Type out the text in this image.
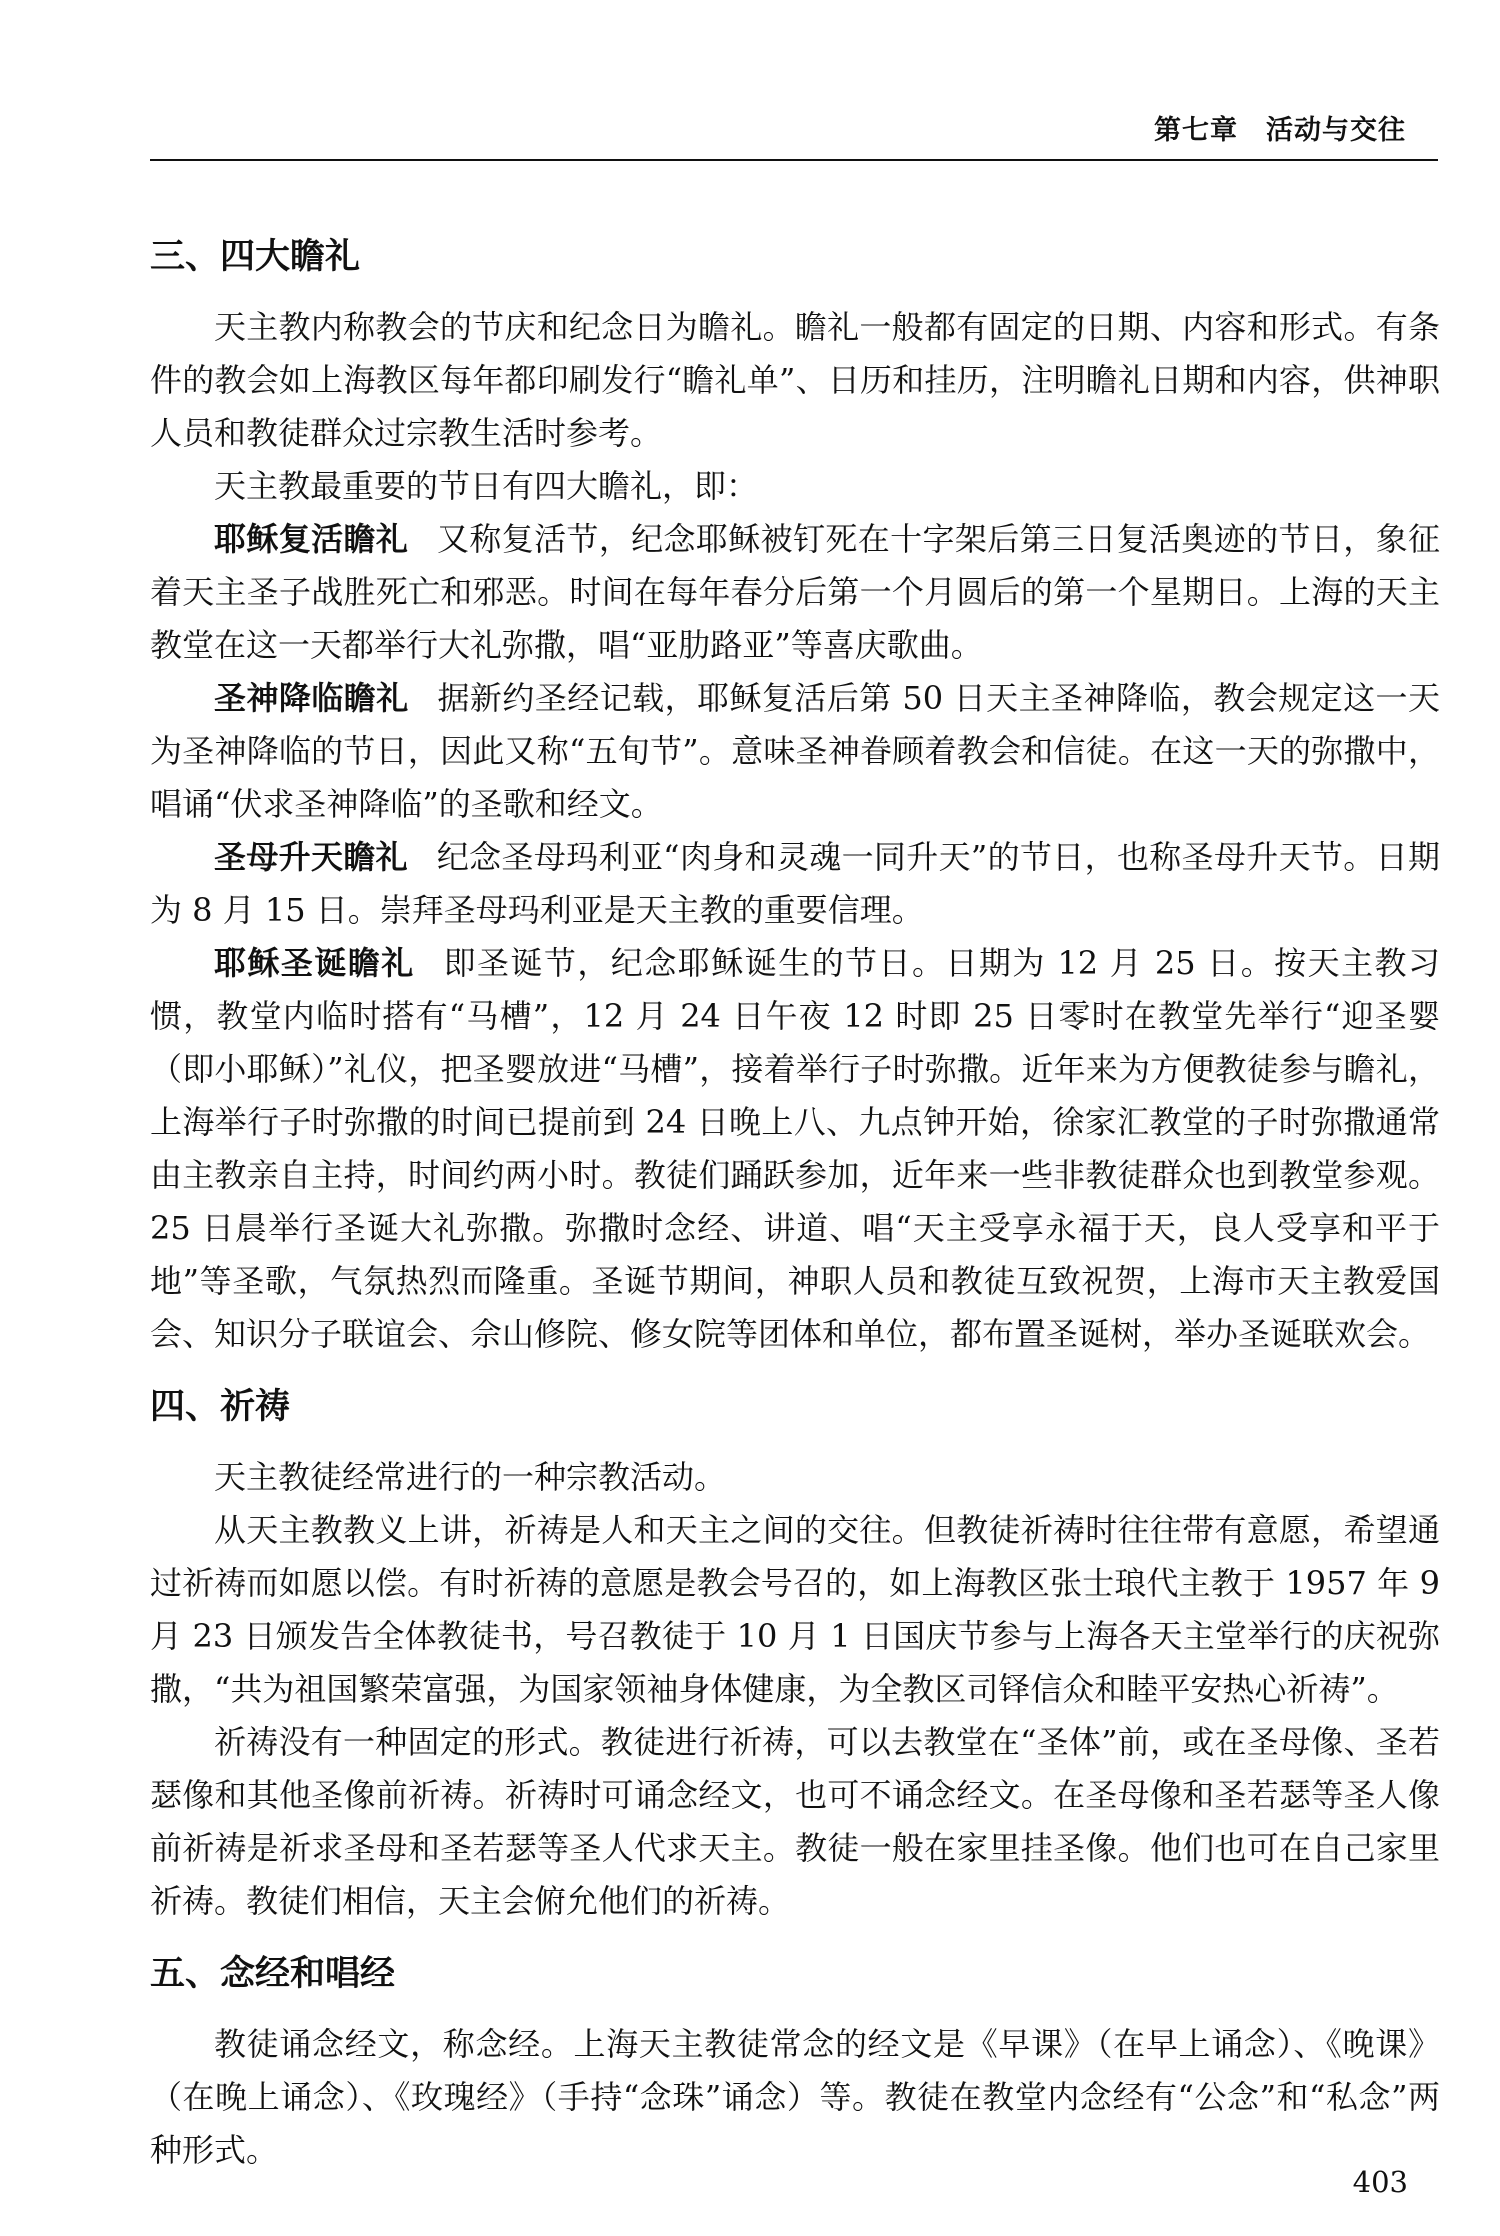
第七章 活动与交往
三、四大瞻礼

天主教内称教会的节庆和纪念日为瞻礼。瞻礼一般都有固定的日期、内容和形式。有条件的教会如上海教区每年都印刷发行“瞻礼单”、日历和挂历，注明瞻礼日期和内容，供神职人员和教徒群众过宗教生活时参考。

天主教最重要的节日有四大瞻礼，即：

耶稣复活瞻礼 又称复活节，纪念耶稣被钉死在十字架后第三日复活奥迹的节日，象征着天主圣子战胜死亡和邪恶。时间在每年春分后第一个月圆后的第一个星期日。上海的天主教堂在这一天都举行大礼弥撒，唱“亚肋路亚”等喜庆歌曲。

圣神降临瞻礼 据新约圣经记载，耶稣复活后第 50 日天主圣神降临，教会规定这一天为圣神降临的节日，因此又称“五旬节”。意味圣神眷顾着教会和信徒。在这一天的弥撒中，唱诵“伏求圣神降临”的圣歌和经文。

圣母升天瞻礼 纪念圣母玛利亚“肉身和灵魂一同升天”的节日，也称圣母升天节。日期为 8 月 15 日。崇拜圣母玛利亚是天主教的重要信理。

耶稣圣诞瞻礼 即圣诞节，纪念耶稣诞生的节日。日期为 12 月 25 日。按天主教习惯，教堂内临时搭有“马槽”，12 月 24 日午夜 12 时即 25 日零时在教堂先举行“迎圣婴（即小耶稣）”礼仪，把圣婴放进“马槽”，接着举行子时弥撒。近年来为方便教徒参与瞻礼，上海举行子时弥撒的时间已提前到 24 日晚上八、九点钟开始，徐家汇教堂的子时弥撒通常由主教亲自主持，时间约两小时。教徒们踊跃参加，近年来一些非教徒群众也到教堂参观。25 日晨举行圣诞大礼弥撒。弥撒时念经、讲道、唱“天主受享永福于天，良人受享和平于地”等圣歌，气氛热烈而隆重。圣诞节期间，神职人员和教徒互致祝贺，上海市天主教爱国会、知识分子联谊会、佘山修院、修女院等团体和单位，都布置圣诞树，举办圣诞联欢会。

四、祈祷

天主教徒经常进行的一种宗教活动。

从天主教教义上讲，祈祷是人和天主之间的交往。但教徒祈祷时往往带有意愿，希望通过祈祷而如愿以偿。有时祈祷的意愿是教会号召的，如上海教区张士琅代主教于 1957 年 9 月 23 日颁发告全体教徒书，号召教徒于 10 月 1 日国庆节参与上海各天主堂举行的庆祝弥撒，“共为祖国繁荣富强，为国家领袖身体健康，为全教区司铎信众和睦平安热心祈祷”。

祈祷没有一种固定的形式。教徒进行祈祷，可以去教堂在“圣体”前，或在圣母像、圣若瑟像和其他圣像前祈祷。祈祷时可诵念经文，也可不诵念经文。在圣母像和圣若瑟等圣人像前祈祷是祈求圣母和圣若瑟等圣人代求天主。教徒一般在家里挂圣像。他们也可在自己家里祈祷。教徒们相信，天主会俯允他们的祈祷。

五、念经和唱经

教徒诵念经文，称念经。上海天主教徒常念的经文是《早课》（在早上诵念）、《晚课》（在晚上诵念）、《玫瑰经》（手持“念珠”诵念）等。教徒在教堂内念经有“公念”和“私念”两种形式。

403
